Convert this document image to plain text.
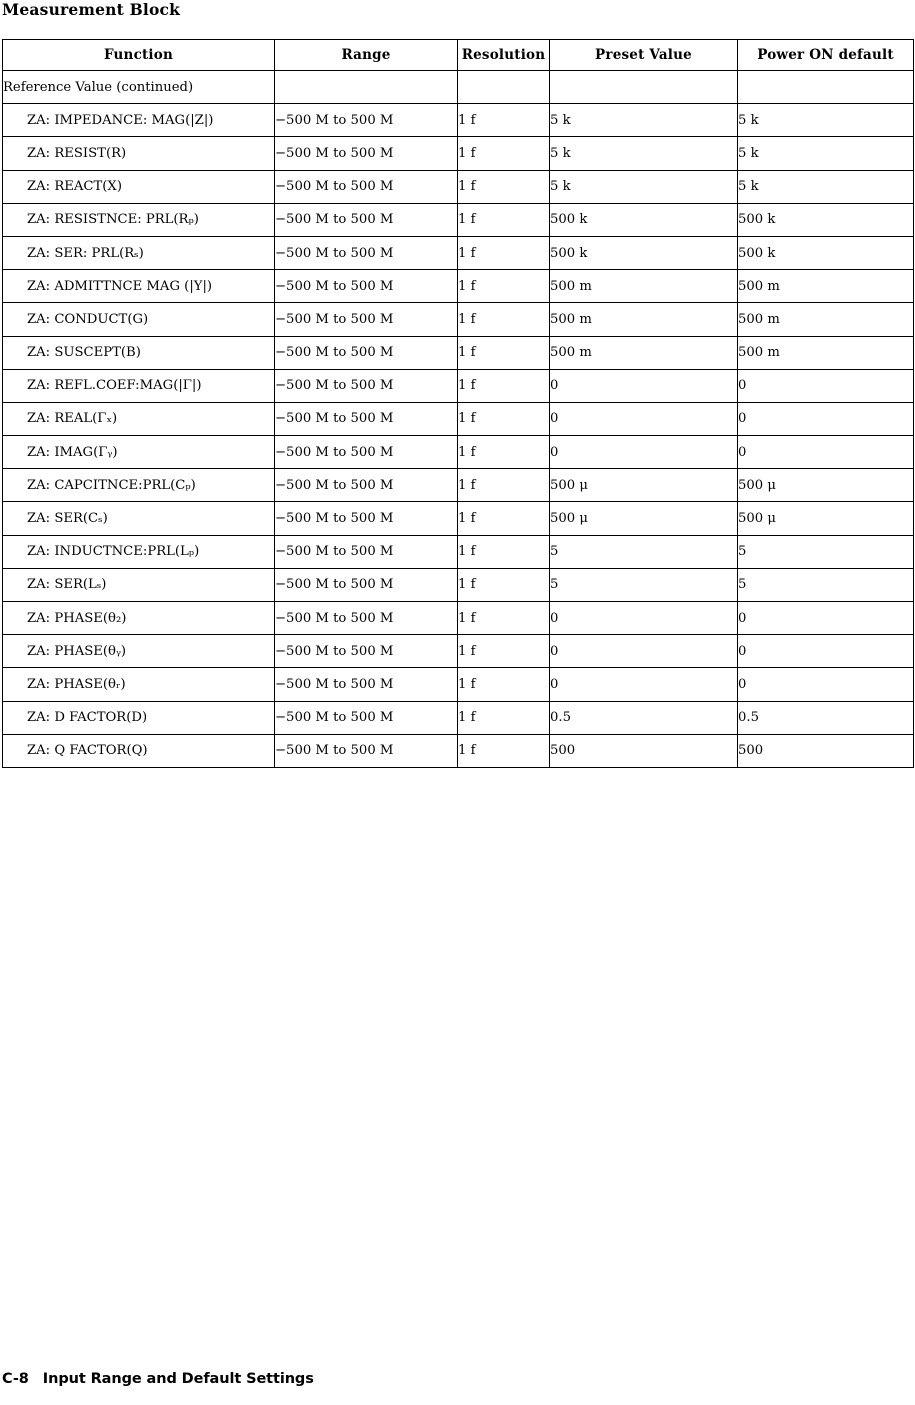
Measurement Block
Function	Range	Resolution	Preset Value	Power ON default
Reference Value (continued)				
ZA: IMPEDANCE: MAG(|Z|)	−500 M to 500 M	1 f	5 k	5 k
ZA: RESIST(R)	−500 M to 500 M	1 f	5 k	5 k
ZA: REACT(X)	−500 M to 500 M	1 f	5 k	5 k
ZA: RESISTNCE: PRL(Rₚ)	−500 M to 500 M	1 f	500 k	500 k
ZA: SER: PRL(Rₛ)	−500 M to 500 M	1 f	500 k	500 k
ZA: ADMITTNCE MAG (|Y|)	−500 M to 500 M	1 f	500 m	500 m
ZA: CONDUCT(G)	−500 M to 500 M	1 f	500 m	500 m
ZA: SUSCEPT(B)	−500 M to 500 M	1 f	500 m	500 m
ZA: REFL.COEF:MAG(|Γ|)	−500 M to 500 M	1 f	0	0
ZA: REAL(Γₓ)	−500 M to 500 M	1 f	0	0
ZA: IMAG(Γᵧ)	−500 M to 500 M	1 f	0	0
ZA: CAPCITNCE:PRL(Cₚ)	−500 M to 500 M	1 f	500 μ	500 μ
ZA: SER(Cₛ)	−500 M to 500 M	1 f	500 μ	500 μ
ZA: INDUCTNCE:PRL(Lₚ)	−500 M to 500 M	1 f	5	5
ZA: SER(Lₛ)	−500 M to 500 M	1 f	5	5
ZA: PHASE(θ₂)	−500 M to 500 M	1 f	0	0
ZA: PHASE(θᵧ)	−500 M to 500 M	1 f	0	0
ZA: PHASE(θᵣ)	−500 M to 500 M	1 f	0	0
ZA: D FACTOR(D)	−500 M to 500 M	1 f	0.5	0.5
ZA: Q FACTOR(Q)	−500 M to 500 M	1 f	500	500
C-8 Input Range and Default Settings
